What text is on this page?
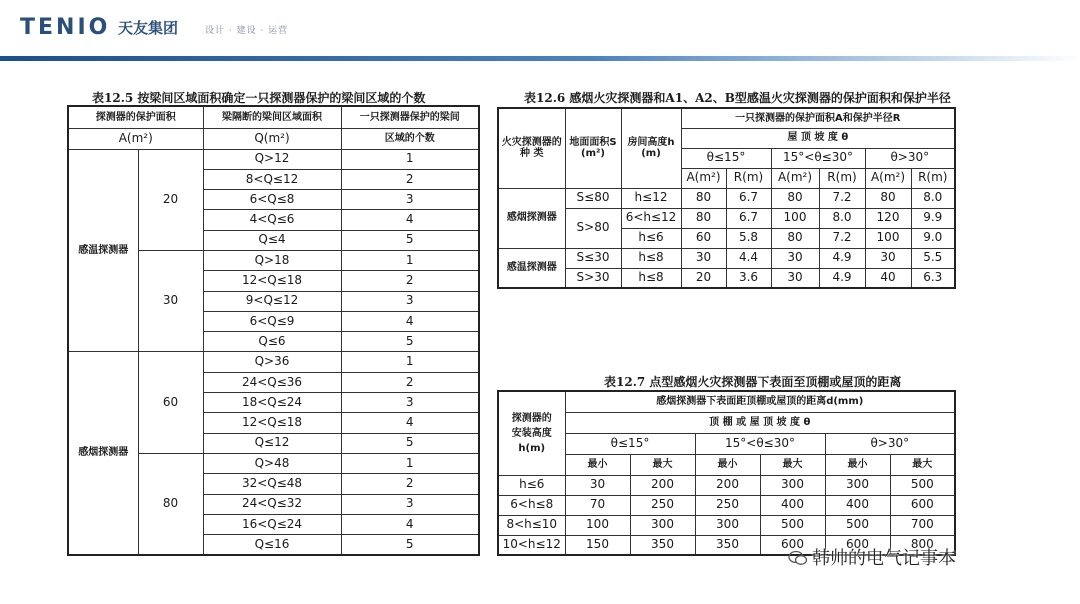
TENIO 天友集团	设计 · 建设 · 运营
表12.5 按梁间区域面积确定一只探测器保护的梁间区域的个数
探测器的保护面积		梁隔断的梁间区域面积	一只探测器保护的梁间
A(m²)		Q(m²)	区域的个数
感温探测器	20	Q>12	1
		8<Q≤12	2
		6<Q≤8	3
		4<Q≤6	4
		Q≤4	5
	30	Q>18	1
		12<Q≤18	2
		9<Q≤12	3
		6<Q≤9	4
		Q≤6	5
感烟探测器	60	Q>36	1
		24<Q≤36	2
		18<Q≤24	3
		12<Q≤18	4
		Q≤12	5
	80	Q>48	1
		32<Q≤48	2
		24<Q≤32	3
		16<Q≤24	4
		Q≤16	5
表12.6 感烟火灾探测器和A1、A2、B型感温火灾探测器的保护面积和保护半径
火灾探测器的
种 类	地面面积S
(m²)	房间高度h
(m)	一只探测器的保护面积A和保护半径R					
			屋 顶 坡 度 θ					
			θ≤15°		15°<θ≤30°		θ>30°	
			A(m²)	R(m)	A(m²)	R(m)	A(m²)	R(m)
感烟探测器	S≤80	h≤12	80	6.7	80	7.2	80	8.0
	S>80	6<h≤12	80	6.7	100	8.0	120	9.9
		h≤6	60	5.8	80	7.2	100	9.0
感温探测器	S≤30	h≤8	30	4.4	30	4.9	30	5.5
	S>30	h≤8	20	3.6	30	4.9	40	6.3
表12.7 点型感烟火灾探测器下表面至顶棚或屋顶的距离
探测器的
安装高度
h(m)	感烟探测器下表面距顶棚或屋顶的距离d(mm)					
	顶 棚 或 屋 顶 坡 度 θ					
	θ≤15°		15°<θ≤30°		θ>30°	
	最小	最大	最小	最大	最小	最大
h≤6	30	200	200	300	300	500
6<h≤8	70	250	250	400	400	600
8<h≤10	100	300	300	500	500	700
10<h≤12	150	350	350	600	600	800
韩帅的电气记事本
